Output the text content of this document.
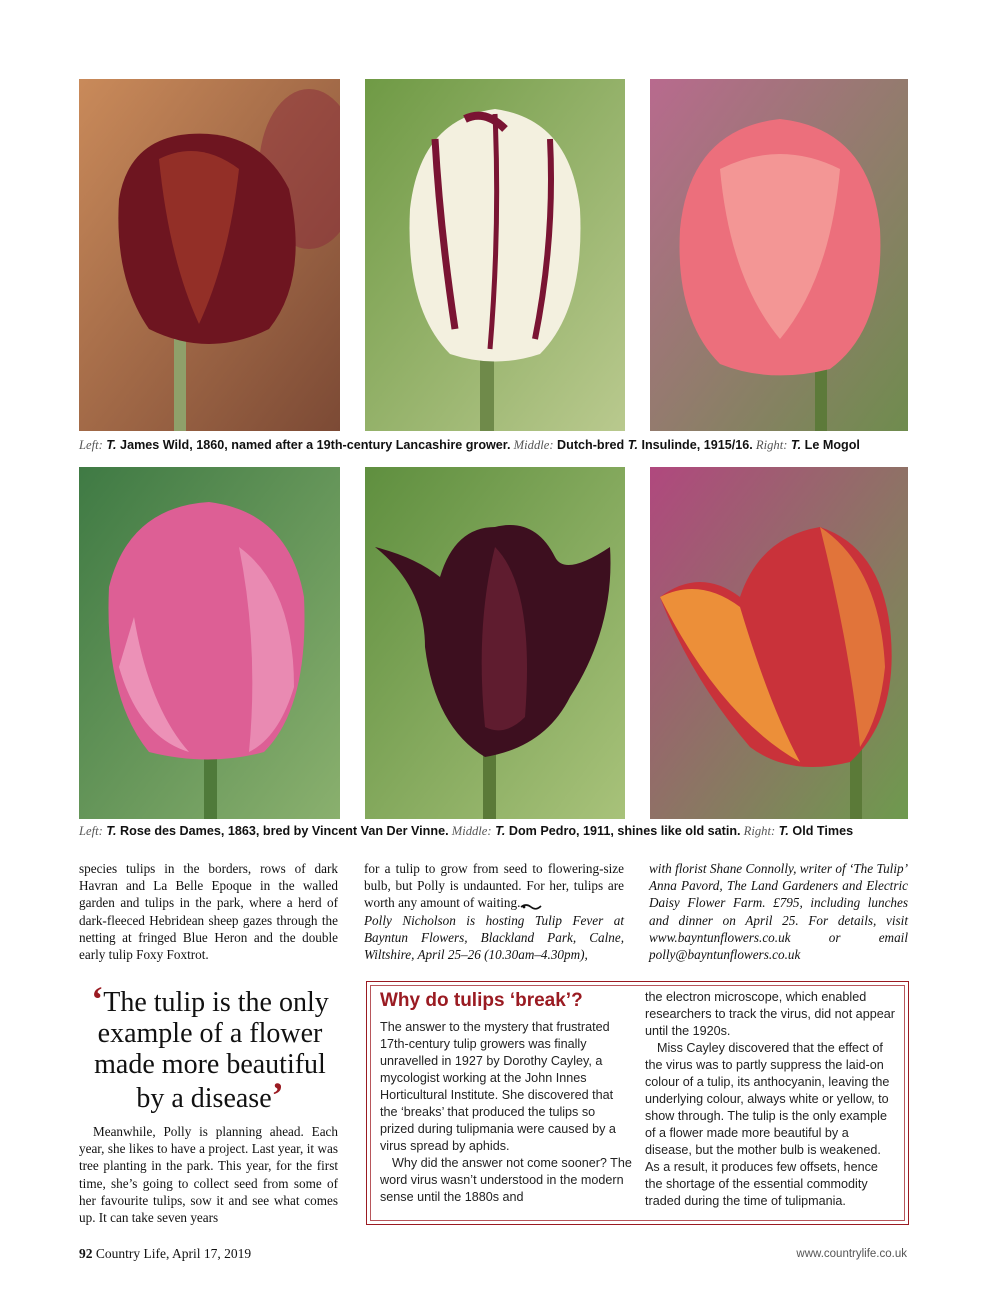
Left: T. James Wild, 1860, named after a 19th-century Lancashire grower. Middle: Dutch-bred T. Insulinde, 1915/16. Right: T. Le Mogol
Left: T. Rose des Dames, 1863, bred by Vincent Van Der Vinne. Middle: T. Dom Pedro, 1911, shines like old satin. Right: T. Old Times

species tulips in the borders, rows of dark Havran and La Belle Epoque in the walled garden and tulips in the park, where a herd of dark-fleeced Hebridean sheep gazes through the netting at fringed Blue Heron and the double early tulip Foxy Foxtrot.

for a tulip to grow from seed to flowering-size bulb, but Polly is undaunted. For her, tulips are worth any amount of waiting.

Polly Nicholson is hosting Tulip Fever at Bayntun Flowers, Blackland Park, Calne, Wiltshire, April 25–26 (10.30am–4.30pm),

with florist Shane Connolly, writer of ‘The Tulip’ Anna Pavord, The Land Gardeners and Electric Daisy Flower Farm. £795, including lunches and dinner on April 25. For details, visit www.bayntunflowers.co.uk or email polly@bayntunflowers.co.uk

‘The tulip is the only example of a flower made more beautiful by a disease’

Meanwhile, Polly is planning ahead. Each year, she likes to have a project. Last year, it was tree planting in the park. This year, for the first time, she’s going to collect seed from some of her favourite tulips, sow it and see what comes up. It can take seven years

Why do tulips ‘break’?

The answer to the mystery that frustrated 17th-century tulip growers was finally unravelled in 1927 by Dorothy Cayley, a mycologist working at the John Innes Horticultural Institute. She discovered that the ‘breaks’ that produced the tulips so prized during tulipmania were caused by a virus spread by aphids.

Why did the answer not come sooner? The word virus wasn’t understood in the modern sense until the 1880s and

the electron microscope, which enabled researchers to track the virus, did not appear until the 1920s.

Miss Cayley discovered that the effect of the virus was to partly suppress the laid-on colour of a tulip, its anthocyanin, leaving the underlying colour, always white or yellow, to show through. The tulip is the only example of a flower made more beautiful by a disease, but the mother bulb is weakened. As a result, it produces few offsets, hence the shortage of the essential commodity traded during the time of tulipmania.

92 Country Life, April 17, 2019	www.countrylife.co.uk
